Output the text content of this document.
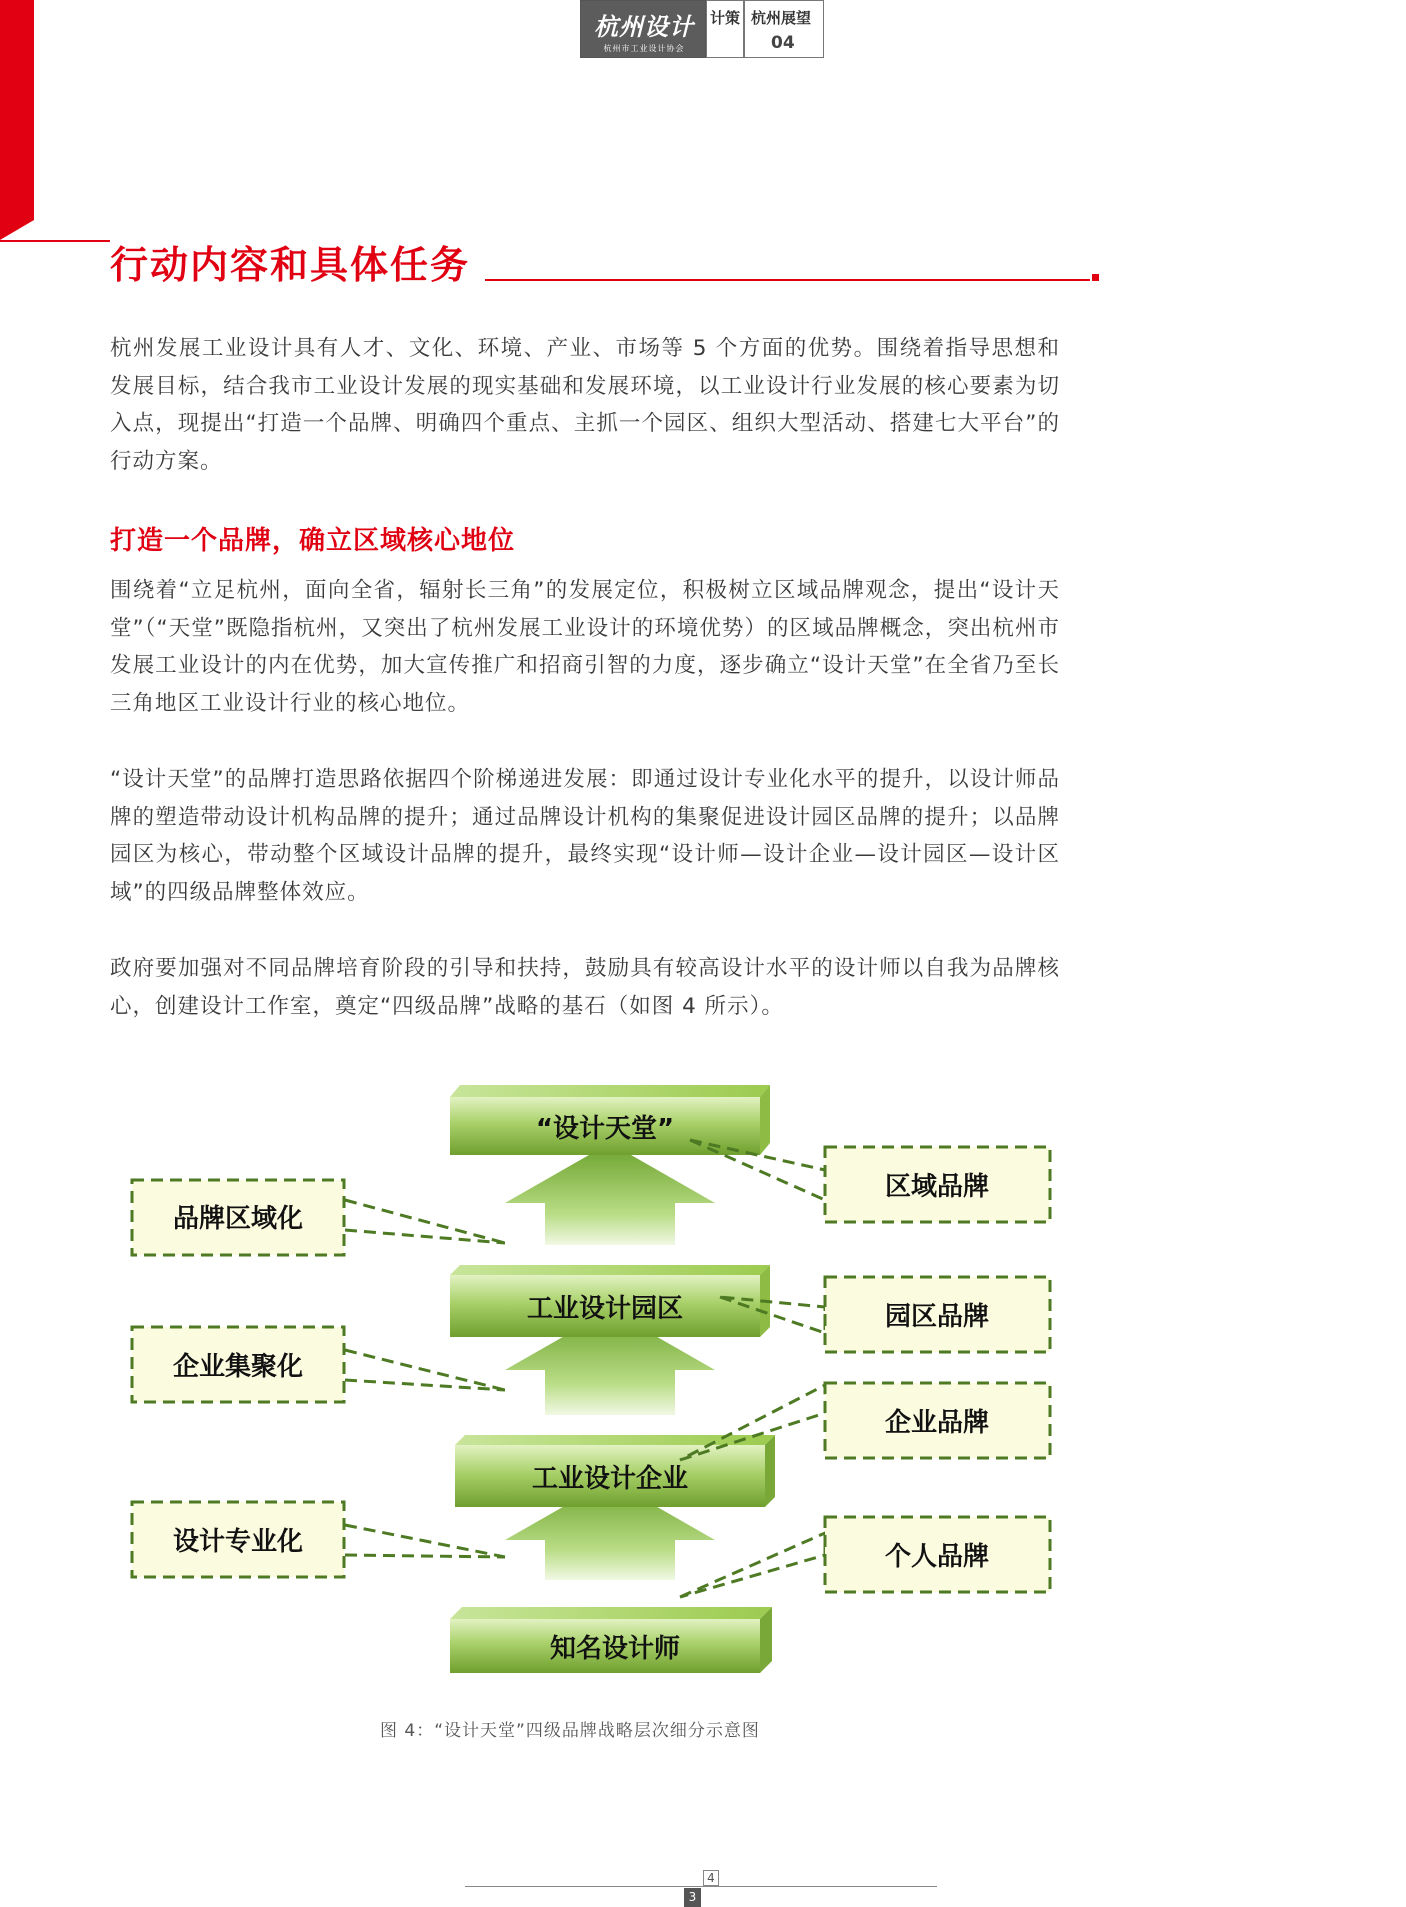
杭州设计
杭州市工业设计协会
计策 杭州展望
04
行动内容和具体任务
杭州发展工业设计具有人才、文化、环境、产业、市场等 5 个方面的优势。围绕着指导思想和发展目标，结合我市工业设计发展的现实基础和发展环境，以工业设计行业发展的核心要素为切入点，现提出“打造一个品牌、明确四个重点、主抓一个园区、组织大型活动、搭建七大平台”的行动方案。
打造一个品牌，确立区域核心地位
围绕着“立足杭州，面向全省，辐射长三角”的发展定位，积极树立区域品牌观念，提出“设计天堂”（“天堂”既隐指杭州，又突出了杭州发展工业设计的环境优势）的区域品牌概念，突出杭州市发展工业设计的内在优势，加大宣传推广和招商引智的力度，逐步确立“设计天堂”在全省乃至长三角地区工业设计行业的核心地位。
“设计天堂”的品牌打造思路依据四个阶梯递进发展：即通过设计专业化水平的提升，以设计师品牌的塑造带动设计机构品牌的提升；通过品牌设计机构的集聚促进设计园区品牌的提升；以品牌园区为核心，带动整个区域设计品牌的提升，最终实现“设计师—设计企业—设计园区—设计区域”的四级品牌整体效应。
政府要加强对不同品牌培育阶段的引导和扶持，鼓励具有较高设计水平的设计师以自我为品牌核心，创建设计工作室，奠定“四级品牌”战略的基石（如图 4 所示）。
“设计天堂”
工业设计园区
工业设计企业
知名设计师
品牌区域化
企业集聚化
设计专业化
区域品牌
园区品牌
企业品牌
个人品牌
图 4：“设计天堂”四级品牌战略层次细分示意图
4
3
